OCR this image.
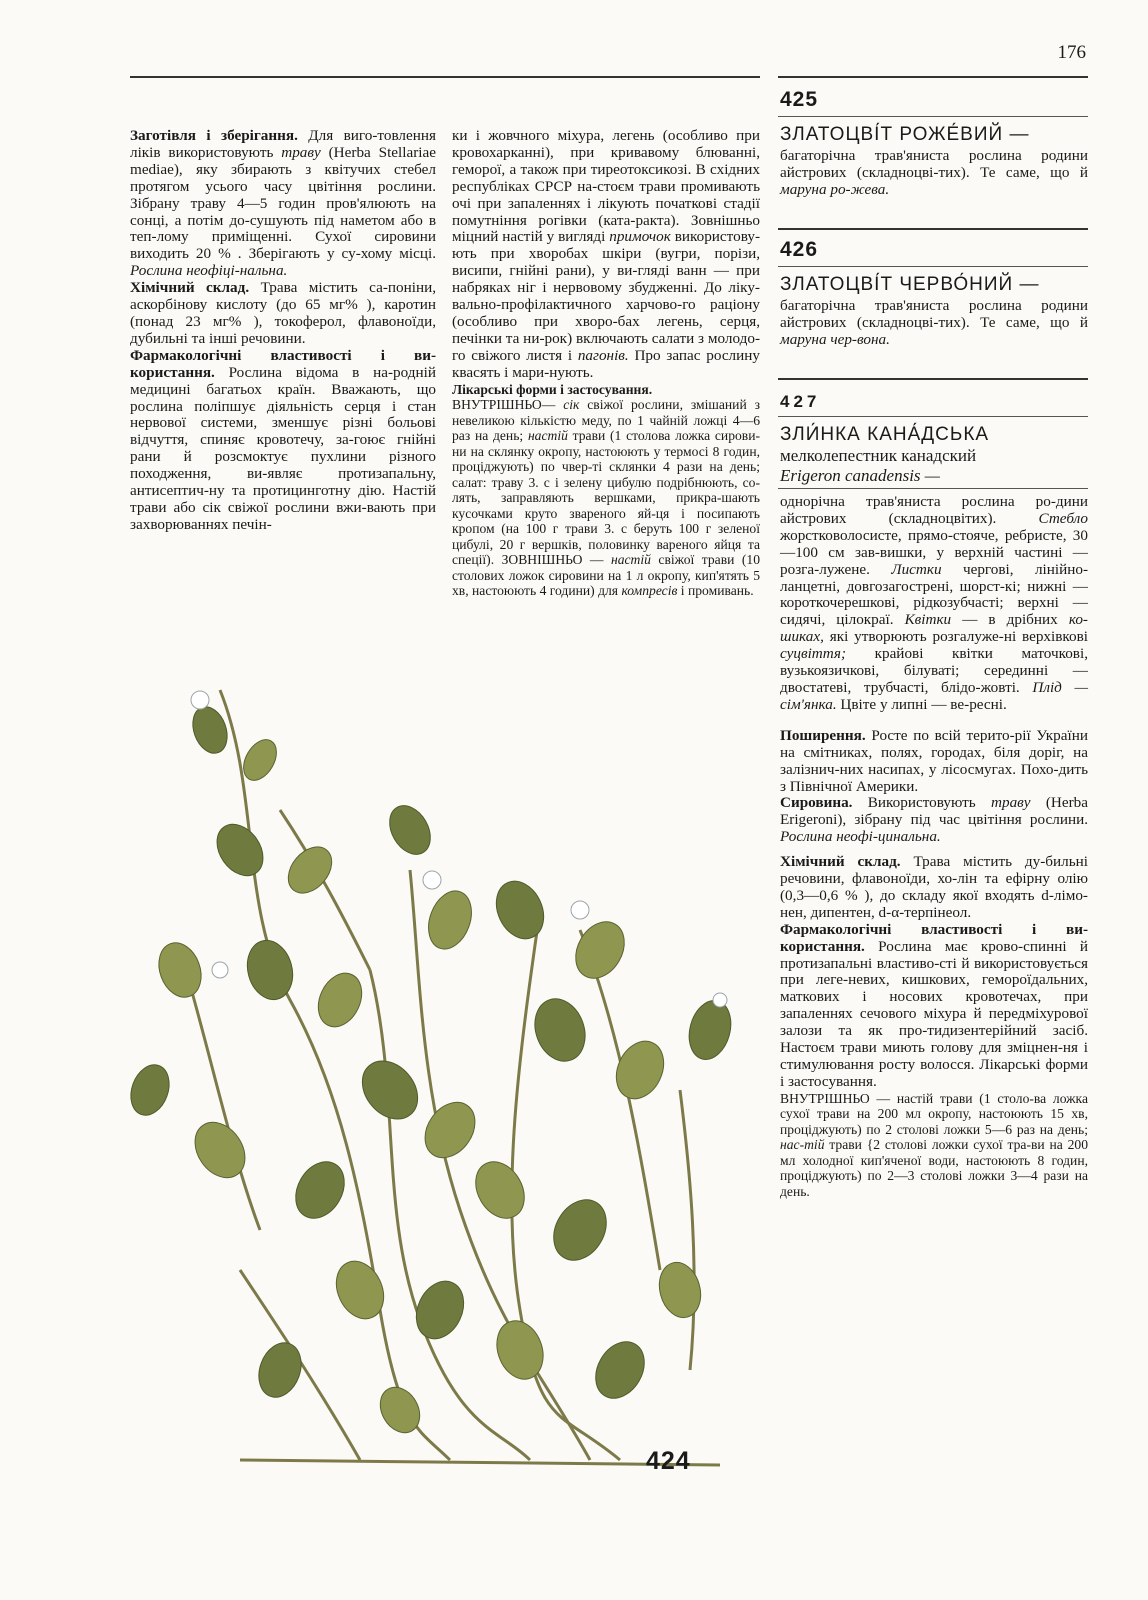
176

Заготівля і зберігання. Для виго-товлення ліків використовують траву (Herba Stellariae mediae), яку збирають з квітучих стебел протягом усього часу цвітіння рослини. Зібрану траву 4—5 годин пров'ялюють на сонці, а потім до-сушують під наметом або в теп-лому приміщенні. Сухої сировини виходить 20 % . Зберігають у су-хому місці. Рослина неофіці-нальна.

Хімічний склад. Трава містить са-поніни, аскорбінову кислоту (до 65 мг% ), каротин (понад 23 мг% ), токоферол, флавоноїди, дубильні та інші речовини.

Фармакологічні властивості і ви-користання. Рослина відома в на-родній медицині багатьох країн. Вважають, що рослина поліпшує діяльність серця і стан нервової системи, зменшує різні больові відчуття, спиняє кровотечу, за-гоює гнійні рани й розсмоктує пухлини різного походження, ви-являє протизапальну, антисептич-ну та протицинготну дію. Настій трави або сік свіжої рослини вжи-вають при захворюваннях печін-

ки і жовчного міхура, легень (особливо при кровохарканні), при кривавому блюванні, геморої, а також при тиреотоксикозі. В східних республіках СРСР на-стоєм трави промивають очі при запаленнях і лікують початкові стадії помутніння рогівки (ката-ракта). Зовнішньо міцний настій у вигляді примочок використову-ють при хворобах шкіри (вугри, порізи, висипи, гнійні рани), у ви-гляді ванн — при набряках ніг і нервовому збудженні. До ліку-вально-профілактичного харчово-го раціону (особливо при хворо-бах легень, серця, печінки та ни-рок) включають салати з молодо-го свіжого листя і пагонів. Про запас рослину квасять і мари-нують.

Лікарські форми і застосування.
ВНУТРІШНЬО— сік свіжої рослини, змішаний з невеликою кількістю меду, по 1 чайній ложці 4—6 раз на день; настій трави (1 столова ложка сирови-ни на склянку окропу, настоюють у термосі 8 годин, проціджують) по чвер-ті склянки 4 рази на день; салат: траву 3. с і зелену цибулю подрібнюють, со-лять, заправляють вершками, прикра-шають кусочками круто звареного яй-ця і посипають кропом (на 100 г трави 3. с беруть 100 г зеленої цибулі, 20 г вершків, половинку вареного яйця та спеції). ЗОВНІШНЬО — настій свіжої трави (10 столових ложок сировини на 1 л окропу, кип'ятять 5 хв, настоюють 4 години) для компресів і промивань.

425
ЗЛАТОЦВІ́Т РОЖЕ́ВИЙ —
багаторічна трав'яниста рослина родини айстрових (складноцві-тих). Те саме, що й маруна ро-жева.
426
ЗЛАТОЦВІ́Т ЧЕРВО́НИЙ —
багаторічна трав'яниста рослина родини айстрових (складноцві-тих). Те саме, що й маруна чер-вона.
427
ЗЛИ́НКА КАНА́ДСЬКА
мелколепестник канадский
Erigeron canadensis —

однорічна трав'яниста рослина ро-дини айстрових (складноцвітих). Стебло жорстковолосисте, прямо-стояче, ребристе, 30—100 см зав-вишки, у верхній частині — розга-лужене. Листки чергові, лінійно-ланцетні, довгозагострені, шорст-кі; нижні — короткочерешкові, рідкозубчасті; верхні — сидячі, цілокраї. Квітки — в дрібних ко-шиках, які утворюють розгалуже-ні верхівкові суцвіття; крайові квітки маточкові, вузькоязичкові, білуваті; серединні — двостатеві, трубчасті, блідо-жовті. Плід — сім'янка. Цвіте у липні — ве-ресні.

Поширення. Росте по всій терито-рії України на смітниках, полях, городах, біля доріг, на залізнич-них насипах, у лісосмугах. Похо-дить з Північної Америки.

Сировина. Використовують траву (Herba Erigeroni), зібрану під час цвітіння рослини. Рослина неофі-цинальна.

Хімічний склад. Трава містить ду-бильні речовини, флавоноїди, хо-лін та ефірну олію (0,3—0,6 % ), до складу якої входять d-лімо-нен, дипентен, d-α-терпінеол.

Фармакологічні властивості і ви-користання. Рослина має крово-спинні й протизапальні властиво-сті й використовується при леге-невих, кишкових, геморoїдальних, маткових і носових кровотечах, при запаленнях сечового міхура й передміхурової залози та як про-тидизентерійний засіб. Настоєм трави миють голову для зміцнен-ня і стимулювання росту волосся. Лікарські форми і застосування.

ВНУТРІШНЬО — настій трави (1 столо-ва ложка сухої трави на 200 мл окропу, настоюють 15 хв, проціджують) по 2 столові ложки 5—6 раз на день; нас-тій трави {2 столові ложки сухої тра-ви на 200 мл холодної кип'яченої води, настоюють 8 годин, проціджують) по 2—3 столові ложки 3—4 рази на день.

424
